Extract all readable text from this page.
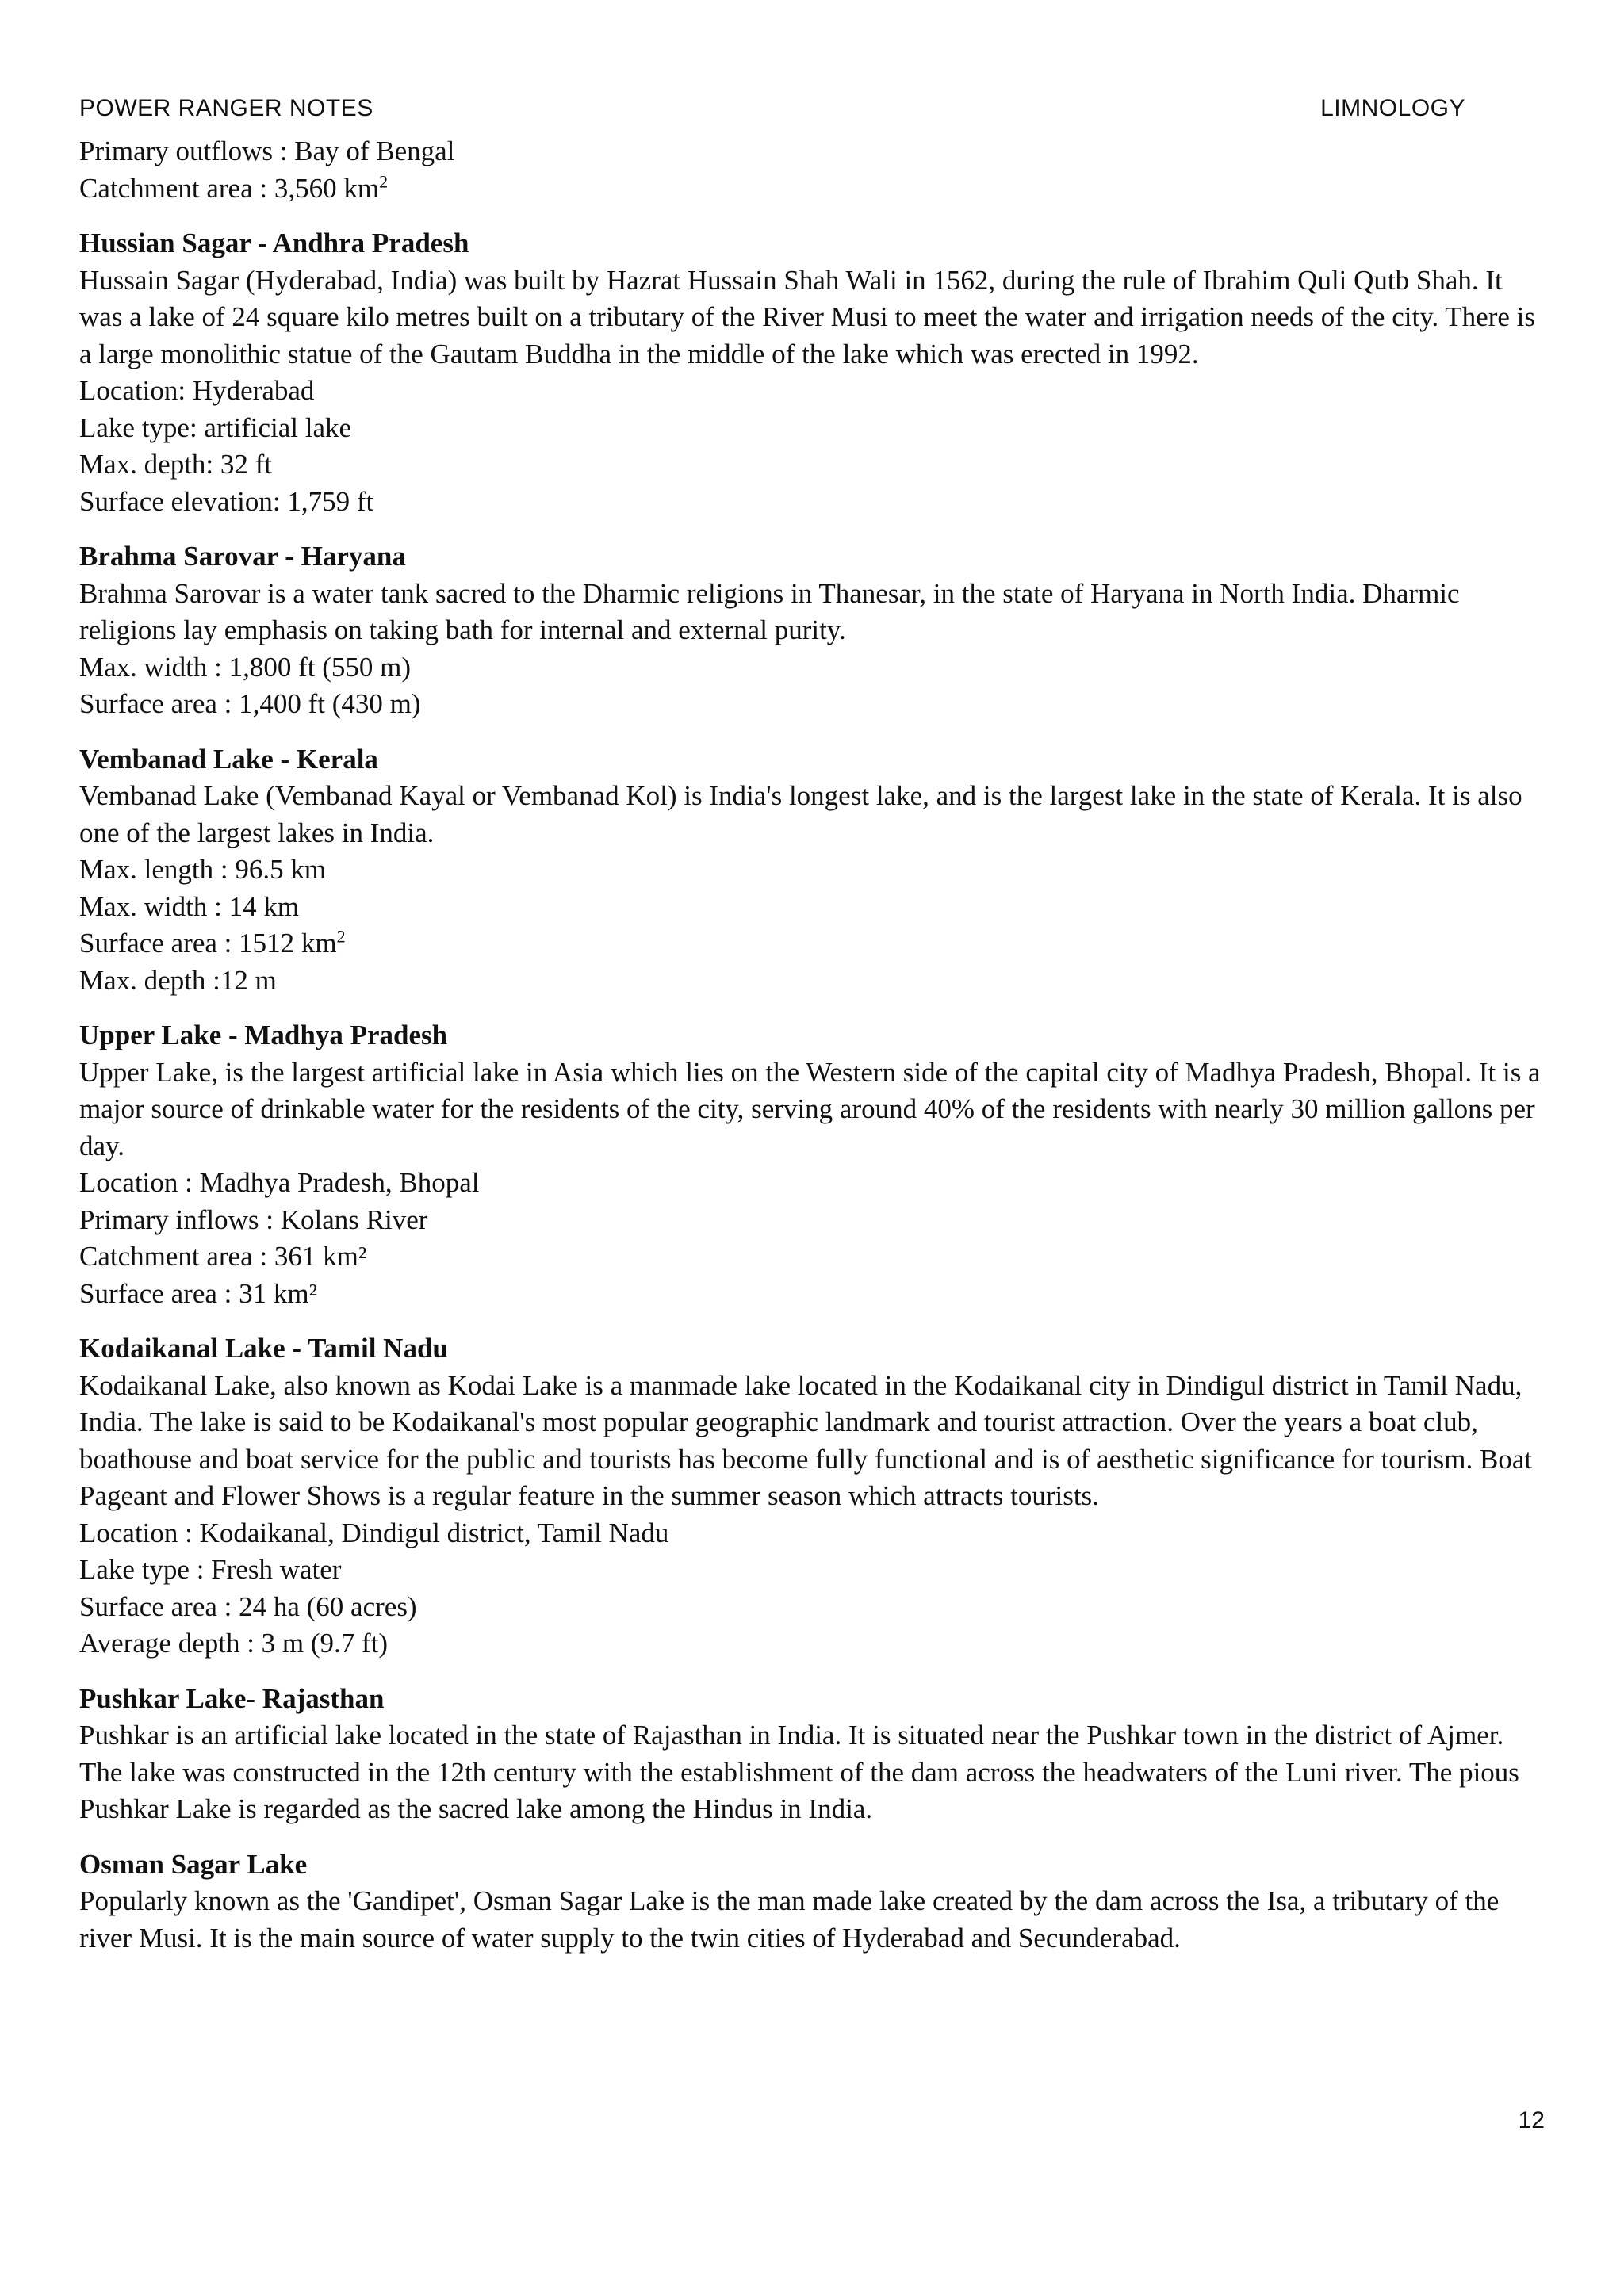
POWER RANGER NOTES	LIMNOLOGY

Primary outflows : Bay of Bengal

Catchment area : 3,560 $km^2$

Hussian Sagar - Andhra Pradesh

Hussain Sagar (Hyderabad, India) was built by Hazrat Hussain Shah Wali in 1562, during the rule of Ibrahim Quli Qutb Shah. It was a lake of 24 square kilo metres built on a tributary of the River Musi to meet the water and irrigation needs of the city. There is a large monolithic statue of the Gautam Buddha in the middle of the lake which was erected in 1992.

Location: Hyderabad

Lake type: artificial lake

Max. depth: 32 ft

Surface elevation: 1,759 ft

Brahma Sarovar - Haryana

Brahma Sarovar is a water tank sacred to the Dharmic religions in Thanesar, in the state of Haryana in North India. Dharmic religions lay emphasis on taking bath for internal and external purity.

Max. width : 1,800 ft (550 m)

Surface area : 1,400 ft (430 m)

Vembanad Lake - Kerala

Vembanad Lake (Vembanad Kayal or Vembanad Kol) is India's longest lake, and is the largest lake in the state of Kerala. It is also one of the largest lakes in India.

Max. length : 96.5 km

Max. width : 14 km

Surface area : 1512 $km^2$

Max. depth :12 m

Upper Lake - Madhya Pradesh

Upper Lake, is the largest artificial lake in Asia which lies on the Western side of the capital city of Madhya Pradesh, Bhopal. It is a major source of drinkable water for the residents of the city, serving around 40% of the residents with nearly 30 million gallons per day.

Location : Madhya Pradesh, Bhopal

Primary inflows : Kolans River

Catchment area : 361 km²

Surface area : 31 km²

Kodaikanal Lake - Tamil Nadu

Kodaikanal Lake, also known as Kodai Lake is a manmade lake located in the Kodaikanal city in Dindigul district in Tamil Nadu, India. The lake is said to be Kodaikanal's most popular geographic landmark and tourist attraction. Over the years a boat club, boathouse and boat service for the public and tourists has become fully functional and is of aesthetic significance for tourism. Boat Pageant and Flower Shows is a regular feature in the summer season which attracts tourists.

Location : Kodaikanal, Dindigul district, Tamil Nadu

Lake type : Fresh water

Surface area : 24 ha (60 acres)

Average depth : 3 m (9.7 ft)

Pushkar Lake- Rajasthan

Pushkar is an artificial lake located in the state of Rajasthan in India. It is situated near the Pushkar town in the district of Ajmer. The lake was constructed in the 12th century with the establishment of the dam across the headwaters of the Luni river. The pious Pushkar Lake is regarded as the sacred lake among the Hindus in India.

Osman Sagar Lake

Popularly known as the 'Gandipet', Osman Sagar Lake is the man made lake created by the dam across the Isa, a tributary of the river Musi. It is the main source of water supply to the twin cities of Hyderabad and Secunderabad.

12
